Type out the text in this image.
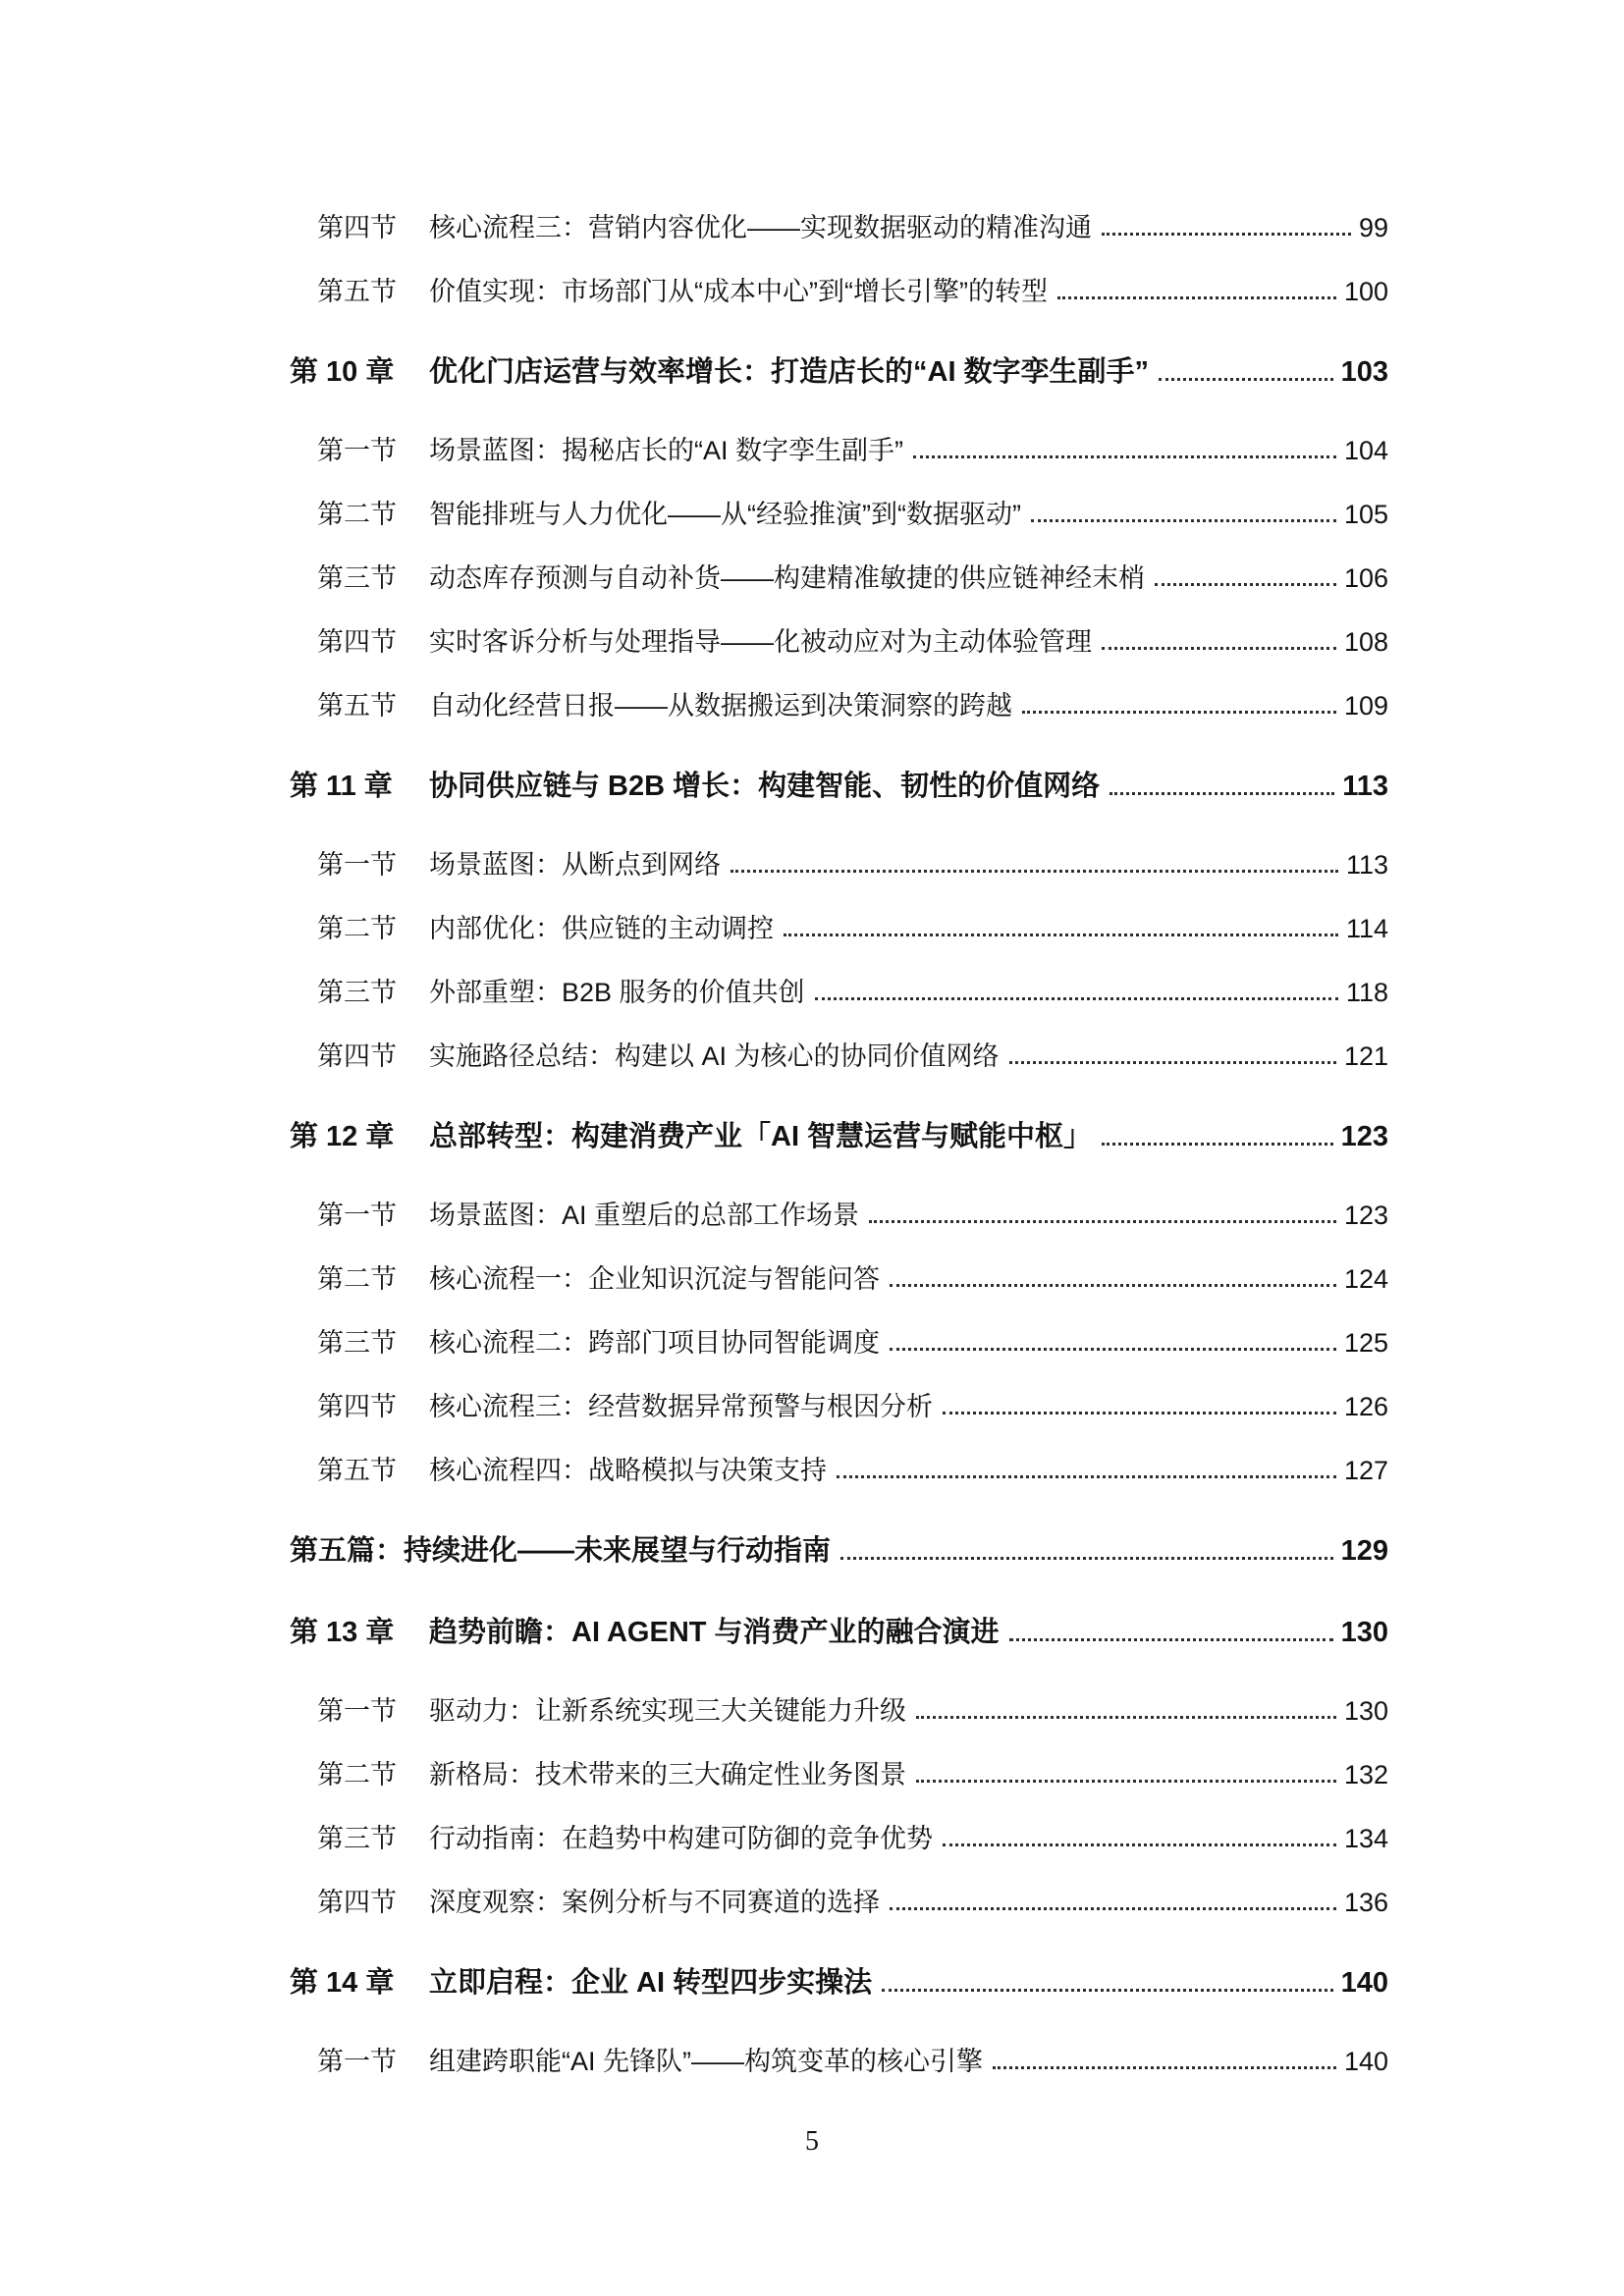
第四节	核心流程三：营销内容优化——实现数据驱动的精准沟通	99
第五节	价值实现：市场部门从“成本中心”到“增长引擎”的转型	100
第 10 章	优化门店运营与效率增长：打造店长的“AI 数字孪生副手”	103
第一节	场景蓝图：揭秘店长的“AI 数字孪生副手”	104
第二节	智能排班与人力优化——从“经验推演”到“数据驱动”	105
第三节	动态库存预测与自动补货——构建精准敏捷的供应链神经末梢	106
第四节	实时客诉分析与处理指导——化被动应对为主动体验管理	108
第五节	自动化经营日报——从数据搬运到决策洞察的跨越	109
第 11 章	协同供应链与 B2B 增长：构建智能、韧性的价值网络	113
第一节	场景蓝图：从断点到网络	113
第二节	内部优化：供应链的主动调控	114
第三节	外部重塑：B2B 服务的价值共创	118
第四节	实施路径总结：构建以 AI 为核心的协同价值网络	121
第 12 章	总部转型：构建消费产业「AI 智慧运营与赋能中枢」	123
第一节	场景蓝图：AI 重塑后的总部工作场景	123
第二节	核心流程一：企业知识沉淀与智能问答	124
第三节	核心流程二：跨部门项目协同智能调度	125
第四节	核心流程三：经营数据异常预警与根因分析	126
第五节	核心流程四：战略模拟与决策支持	127
第五篇：持续进化——未来展望与行动指南	129
第 13 章	趋势前瞻：AI AGENT 与消费产业的融合演进	130
第一节	驱动力：让新系统实现三大关键能力升级	130
第二节	新格局：技术带来的三大确定性业务图景	132
第三节	行动指南：在趋势中构建可防御的竞争优势	134
第四节	深度观察：案例分析与不同赛道的选择	136
第 14 章	立即启程：企业 AI 转型四步实操法	140
第一节	组建跨职能“AI 先锋队”——构筑变革的核心引擎	140
5
